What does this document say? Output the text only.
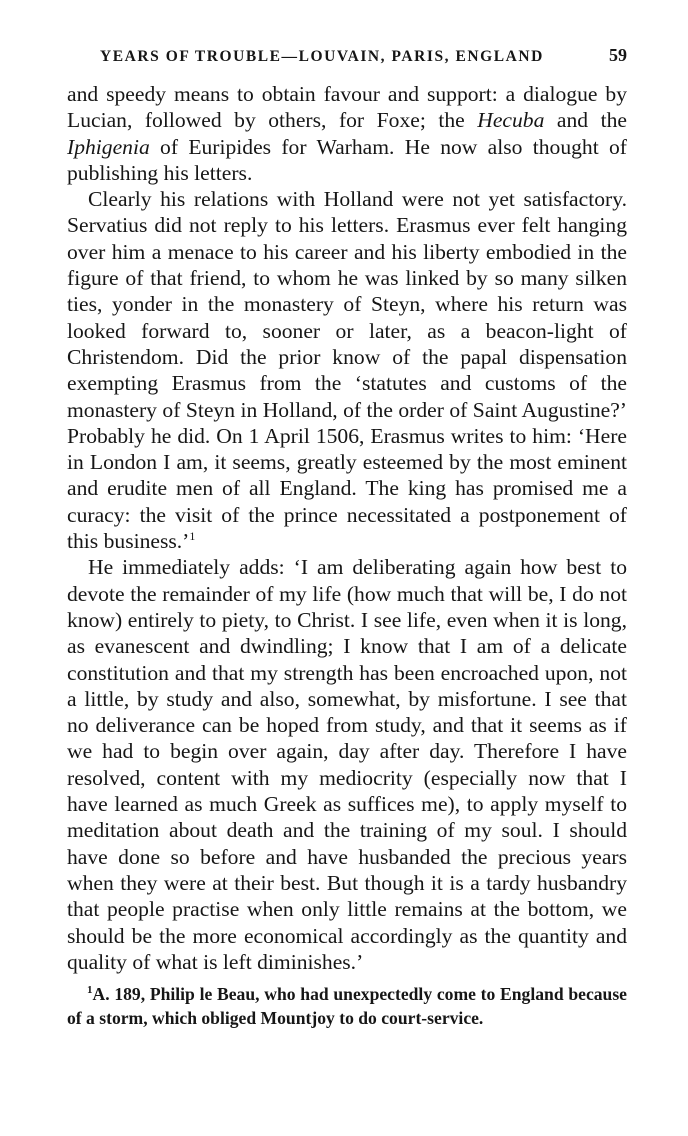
YEARS OF TROUBLE—LOUVAIN, PARIS, ENGLAND	59

and speedy means to obtain favour and support: a dialogue by Lucian, followed by others, for Foxe; the Hecuba and the Iphigenia of Euripides for Warham. He now also thought of publishing his letters.

Clearly his relations with Holland were not yet satisfactory. Servatius did not reply to his letters. Erasmus ever felt hanging over him a menace to his career and his liberty embodied in the figure of that friend, to whom he was linked by so many silken ties, yonder in the monastery of Steyn, where his return was looked forward to, sooner or later, as a beacon-light of Christendom. Did the prior know of the papal dispensation exempting Erasmus from the ‘statutes and customs of the monastery of Steyn in Holland, of the order of Saint Augustine?’ Probably he did. On 1 April 1506, Erasmus writes to him: ‘Here in London I am, it seems, greatly esteemed by the most eminent and erudite men of all England. The king has promised me a curacy: the visit of the prince necessitated a postponement of this business.’$^1$

He immediately adds: ‘I am deliberating again how best to devote the remainder of my life (how much that will be, I do not know) entirely to piety, to Christ. I see life, even when it is long, as evanescent and dwindling; I know that I am of a delicate constitution and that my strength has been encroached upon, not a little, by study and also, somewhat, by misfortune. I see that no deliverance can be hoped from study, and that it seems as if we had to begin over again, day after day. Therefore I have resolved, content with my mediocrity (especially now that I have learned as much Greek as suffices me), to apply myself to meditation about death and the training of my soul. I should have done so before and have husbanded the precious years when they were at their best. But though it is a tardy husbandry that people practise when only little remains at the bottom, we should be the more economical accordingly as the quantity and quality of what is left diminishes.’

$^1$A. 189, Philip le Beau, who had unexpectedly come to England because of a storm, which obliged Mountjoy to do court-service.
